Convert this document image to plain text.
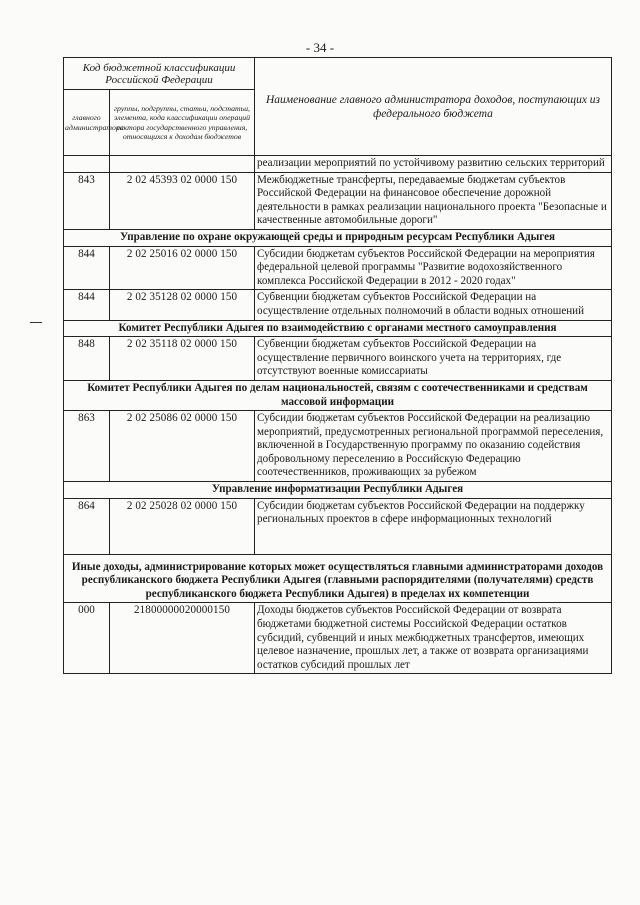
- 34 -
Код бюджетной классификации Российской Федерации		Наименование главного администратора доходов, поступающих из федерального бюджета
главного администратора	группы, подгруппы, статьи, подстатьи, элемента, кода классификации операций сектора государственного управления, относящихся к доходам бюджетов	
		реализации мероприятий по устойчивому развитию сельских территорий
843	2 02 45393 02 0000 150	Межбюджетные трансферты, передаваемые бюджетам субъектов Российской Федерации на финансовое обеспечение дорожной деятельности в рамках реализации национального проекта "Безопасные и качественные автомобильные дороги"
Управление по охране окружающей среды и природным ресурсам Республики Адыгея		
844	2 02 25016 02 0000 150	Субсидии бюджетам субъектов Российской Федерации на мероприятия федеральной целевой программы "Развитие водохозяйственного комплекса Российской Федерации в 2012 - 2020 годах"
844	2 02 35128 02 0000 150	Субвенции бюджетам субъектов Российской Федерации на осуществление отдельных полномочий в области водных отношений
Комитет Республики Адыгея по взаимодействию с органами местного самоуправления		
848	2 02 35118 02 0000 150	Субвенции бюджетам субъектов Российской Федерации на осуществление первичного воинского учета на территориях, где отсутствуют военные комиссариаты
Комитет Республики Адыгея по делам национальностей, связям с соотечественниками и средствам массовой информации		
863	2 02 25086 02 0000 150	Субсидии бюджетам субъектов Российской Федерации на реализацию мероприятий, предусмотренных региональной программой переселения, включенной в Государственную программу по оказанию содействия добровольному переселению в Российскую Федерацию соотечественников, проживающих за рубежом
Управление информатизации Республики Адыгея		
864	2 02 25028 02 0000 150	Субсидии бюджетам субъектов Российской Федерации на поддержку региональных проектов в сфере информационных технологий
Иные доходы, администрирование которых может осуществляться главными администраторами доходов республиканского бюджета Республики Адыгея (главными распорядителями (получателями) средств республиканского бюджета Республики Адыгея) в пределах их компетенции		
000	21800000020000150	Доходы бюджетов субъектов Российской Федерации от возврата бюджетами бюджетной системы Российской Федерации остатков субсидий, субвенций и иных межбюджетных трансфертов, имеющих целевое назначение, прошлых лет, а также от возврата организациями остатков субсидий прошлых лет
